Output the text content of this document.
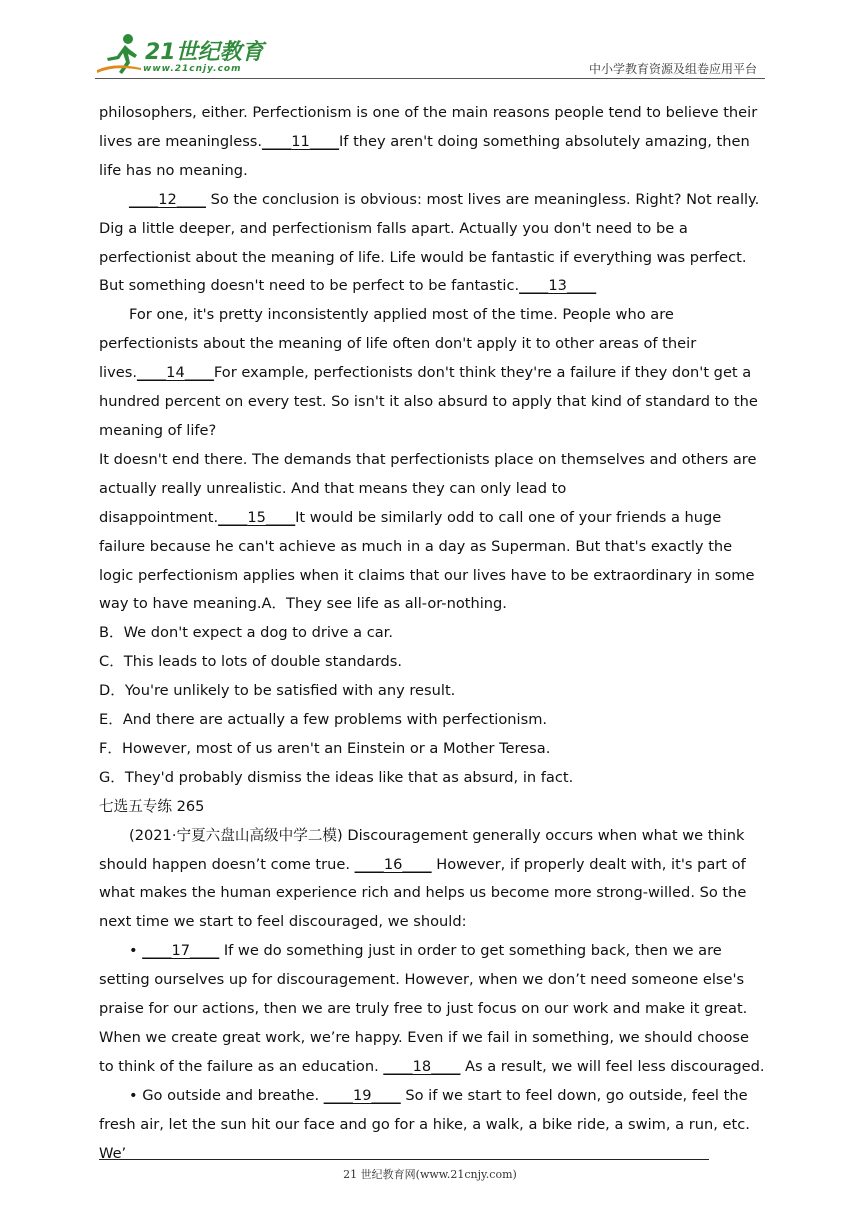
21世纪教育
www.21cnjy.com	中小学教育资源及组卷应用平台

philosophers, either. Perfectionism is one of the main reasons people tend to believe their lives are meaningless.____11____If they aren't doing something absolutely amazing, then life has no meaning.

____12____ So the conclusion is obvious: most lives are meaningless. Right? Not really. Dig a little deeper, and perfectionism falls apart. Actually you don't need to be a perfectionist about the meaning of life. Life would be fantastic if everything was perfect. But something doesn't need to be perfect to be fantastic.____13____

For one, it's pretty inconsistently applied most of the time. People who are perfectionists about the meaning of life often don't apply it to other areas of their lives.____14____For example, perfectionists don't think they're a failure if they don't get a hundred percent on every test. So isn't it also absurd to apply that kind of standard to the meaning of life?

It doesn't end there. The demands that perfectionists place on themselves and others are actually really unrealistic. And that means they can only lead to disappointment.____15____It would be similarly odd to call one of your friends a huge failure because he can't achieve as much in a day as Superman. But that's exactly the logic perfectionism applies when it claims that our lives have to be extraordinary in some way to have meaning.A．They see life as all-or-nothing.

B．We don't expect a dog to drive a car.

C．This leads to lots of double standards.

D．You're unlikely to be satisfied with any result.

E．And there are actually a few problems with perfectionism.

F．However, most of us aren't an Einstein or a Mother Teresa.

G．They'd probably dismiss the ideas like that as absurd, in fact.

七选五专练 265

(2021·宁夏六盘山高级中学二模) Discouragement generally occurs when what we think should happen doesn’t come true. ____16____ However, if properly dealt with, it's part of what makes the human experience rich and helps us become more strong-willed. So the next time we start to feel discouraged, we should:

• ____17____ If we do something just in order to get something back, then we are setting ourselves up for discouragement. However, when we don’t need someone else's praise for our actions, then we are truly free to just focus on our work and make it great. When we create great work, we’re happy. Even if we fail in something, we should choose to think of the failure as an education. ____18____ As a result, we will feel less discouraged.

• Go outside and breathe. ____19____ So if we start to feel down, go outside, feel the fresh air, let the sun hit our face and go for a hike, a walk, a bike ride, a swim, a run, etc. We’

21 世纪教育网(www.21cnjy.com)
